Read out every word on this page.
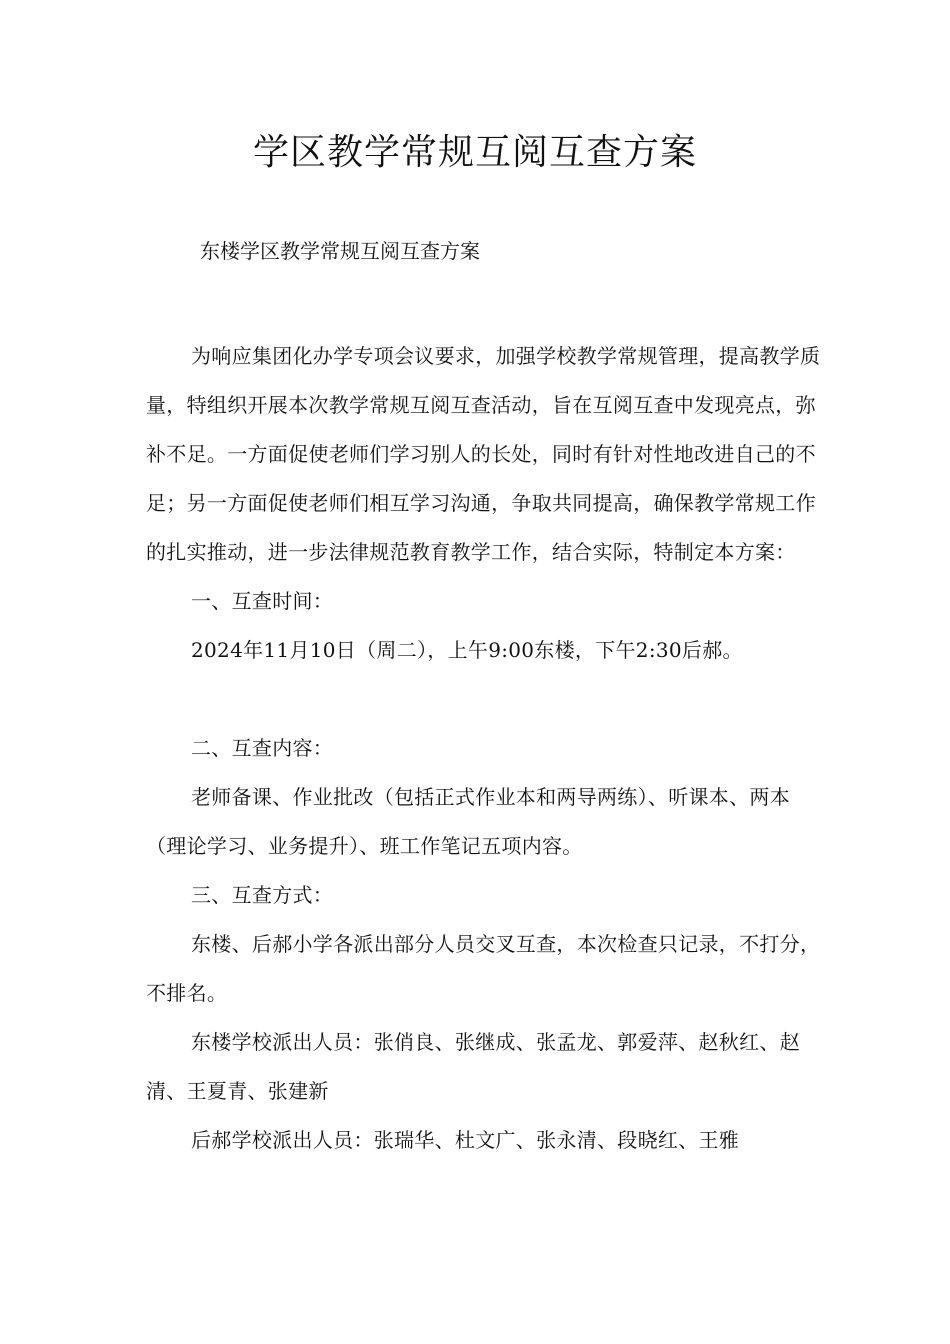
学区教学常规互阅互查方案
东楼学区教学常规互阅互查方案

为响应集团化办学专项会议要求，加强学校教学常规管理，提高教学质量，特组织开展本次教学常规互阅互查活动，旨在互阅互查中发现亮点，弥补不足。一方面促使老师们学习别人的长处，同时有针对性地改进自己的不足；另一方面促使老师们相互学习沟通，争取共同提高，确保教学常规工作的扎实推动，进一步法律规范教育教学工作，结合实际，特制定本方案：

一、互查时间：

2024年11月10日（周二），上午9:00东楼，下午2:30后郝。

二、互查内容：

老师备课、作业批改（包括正式作业本和两导两练）、听课本、两本（理论学习、业务提升）、班工作笔记五项内容。

三、互查方式：

东楼、后郝小学各派出部分人员交叉互查，本次检查只记录，不打分，不排名。

东楼学校派出人员：张俏良、张继成、张孟龙、郭爱萍、赵秋红、赵 清、王夏青、张建新

后郝学校派出人员：张瑞华、杜文广、张永清、段晓红、王雅
